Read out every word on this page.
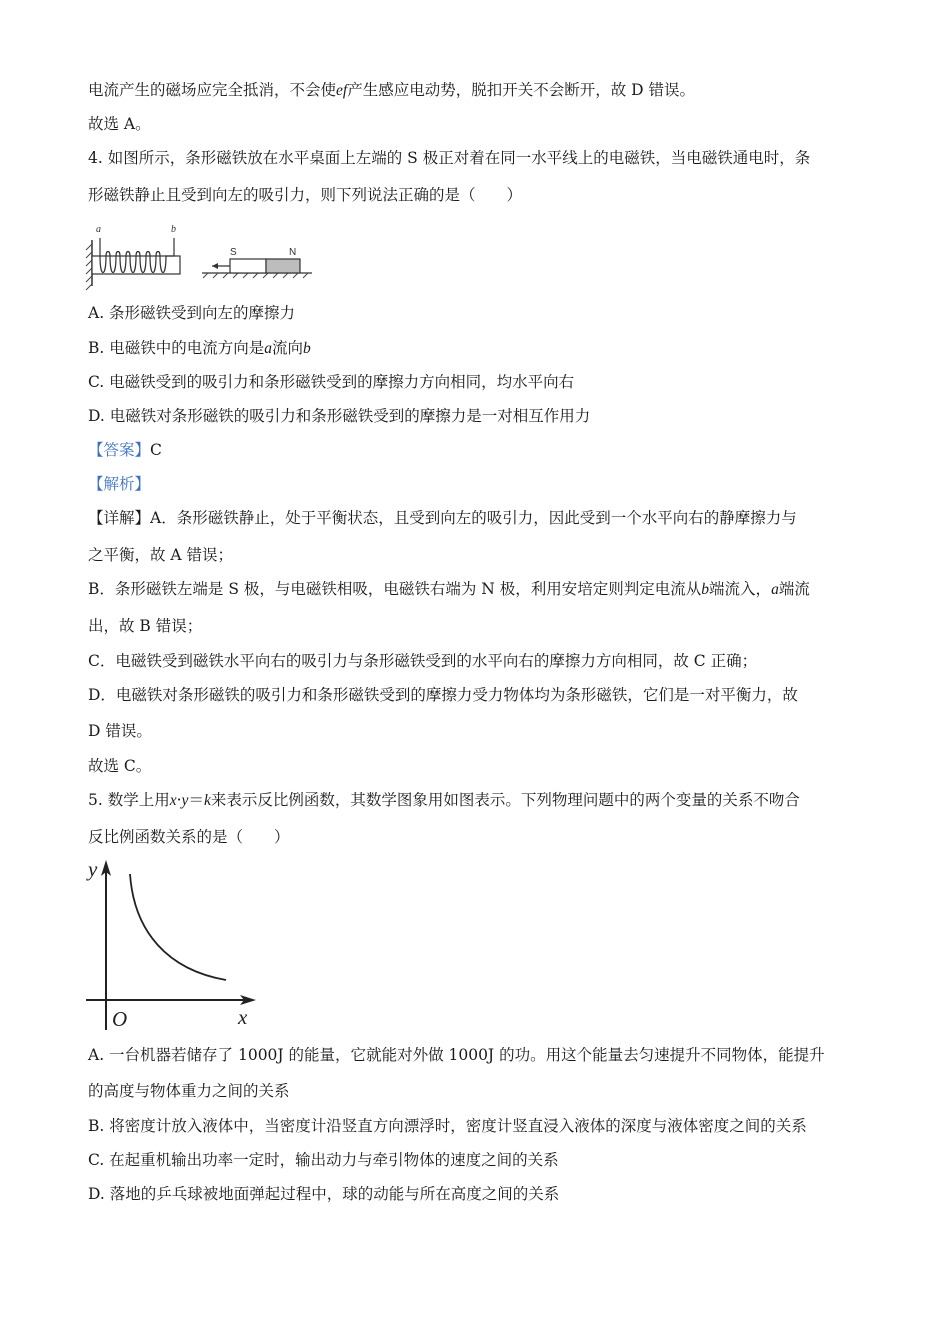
电流产生的磁场应完全抵消，不会使ef产生感应电动势，脱扣开关不会断开，故 D 错误。
故选 A。
4. 如图所示，条形磁铁放在水平桌面上左端的 S 极正对着在同一水平线上的电磁铁，当电磁铁通电时，条
形磁铁静止且受到向左的吸引力，则下列说法正确的是（　　）
a	b
S	N
A. 条形磁铁受到向左的摩擦力
B. 电磁铁中的电流方向是a流向b
C. 电磁铁受到的吸引力和条形磁铁受到的摩擦力方向相同，均水平向右
D. 电磁铁对条形磁铁的吸引力和条形磁铁受到的摩擦力是一对相互作用力
【答案】C
【解析】
【详解】A．条形磁铁静止，处于平衡状态，且受到向左的吸引力，因此受到一个水平向右的静摩擦力与
之平衡，故 A 错误；
B．条形磁铁左端是 S 极，与电磁铁相吸，电磁铁右端为 N 极，利用安培定则判定电流从b端流入，a端流
出，故 B 错误；
C．电磁铁受到磁铁水平向右的吸引力与条形磁铁受到的水平向右的摩擦力方向相同，故 C 正确；
D．电磁铁对条形磁铁的吸引力和条形磁铁受到的摩擦力受力物体均为条形磁铁，它们是一对平衡力，故
D 错误。
故选 C。
5. 数学上用x·y＝k来表示反比例函数，其数学图象用如图表示。下列物理问题中的两个变量的关系不吻合
反比例函数关系的是（　　）
y
x
O
A. 一台机器若储存了 1000J 的能量，它就能对外做 1000J 的功。用这个能量去匀速提升不同物体，能提升
的高度与物体重力之间的关系
B. 将密度计放入液体中，当密度计沿竖直方向漂浮时，密度计竖直浸入液体的深度与液体密度之间的关系
C. 在起重机输出功率一定时，输出动力与牵引物体的速度之间的关系
D. 落地的乒乓球被地面弹起过程中，球的动能与所在高度之间的关系
